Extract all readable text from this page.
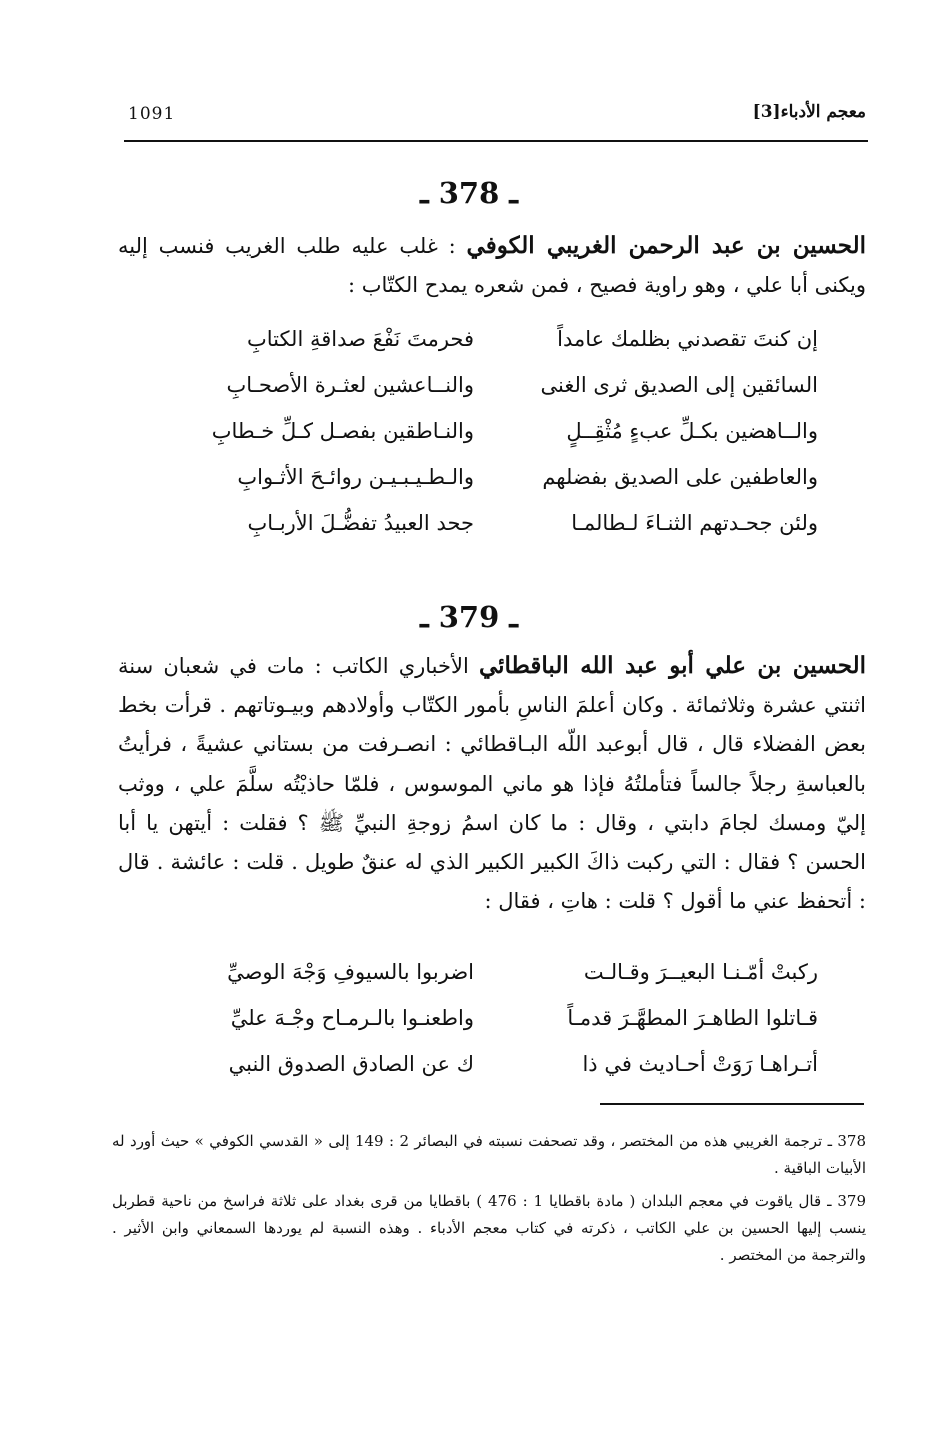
1091	معجم الأدباء[3]
ـ 378 ـ
الحسين بن عبد الرحمن الغريبي الكوفي : غلب عليه طلب الغريب فنسب إليه ويكنى أبا علي ، وهو راوية فصيح ، فمن شعره يمدح الكتّاب :
إن كنتَ تقصدني بظلمك عامداً
فحرمتَ نَفْعَ صداقةِ الكتابِ
السائقين إلى الصديق ثرى الغنى
والنــاعشين لعثـرة الأصحـابِ
والــاهضين بكـلِّ عبءٍ مُثْقِــلٍ
والنـاطقين بفصـل كـلِّ خـطابِ
والعاطفين على الصديق بفضلهم
والـطـيـبـيـن روائـحَ الأثـوابِ
ولئن جحـدتهم الثنـاءَ لـطالمـا
جحد العبيدُ تفضُّـلَ الأربـابِ
ـ 379 ـ
الحسين بن علي أبو عبد الله الباقطائي الأخباري الكاتب : مات في شعبان سنة اثنتي عشرة وثلاثمائة . وكان أعلمَ الناسِ بأمور الكتّاب وأولادهم وبيـوتاتهم . قرأت بخط بعض الفضلاء قال ، قال أبوعبد اللّه البـاقطائي : انصـرفت من بستاني عشيةً ، فرأيتُ بالعباسةِ رجلاً جالساً فتأملتُهُ فإذا هو ماني الموسوس ، فلمّا حاذيْتُه سلَّمَ علي ، ووثب إليّ ومسك لجامَ دابتي ، وقال : ما كان اسمُ زوجةِ النبيِّ ﷺ ؟ فقلت : أيتهن يا أبا الحسن ؟ فقال : التي ركبت ذاكَ الكبير الكبير الذي له عنقٌ طويل . قلت : عائشة . قال : أتحفظ عني ما أقول ؟ قلت : هاتِ ، فقال :
ركبتْ أمّـنـا البعيــرَ وقـالـت
اضربوا بالسيوفِ وَجْهَ الوصيِّ
قـاتلوا الطاهـرَ المطهَّـرَ قدمـاً
واطعنـوا بالـرمـاح وجْـهَ عليِّ
أتـراهـا رَوَتْ أحـاديث في ذا
ك عن الصادق الصدوق النبي
378 ـ ترجمة الغريبي هذه من المختصر ، وقد تصحفت نسبته في البصائر 2 : 149 إلى « القدسي الكوفي » حيث أورد له الأبيات الباقية .
379 ـ قال ياقوت في معجم البلدان ( مادة باقطايا 1 : 476 ) باقطايا من قرى بغداد على ثلاثة فراسخ من ناحية قطربل ينسب إليها الحسين بن علي الكاتب ، ذكرته في كتاب معجم الأدباء . وهذه النسبة لم يوردها السمعاني وابن الأثير . والترجمة من المختصر .
